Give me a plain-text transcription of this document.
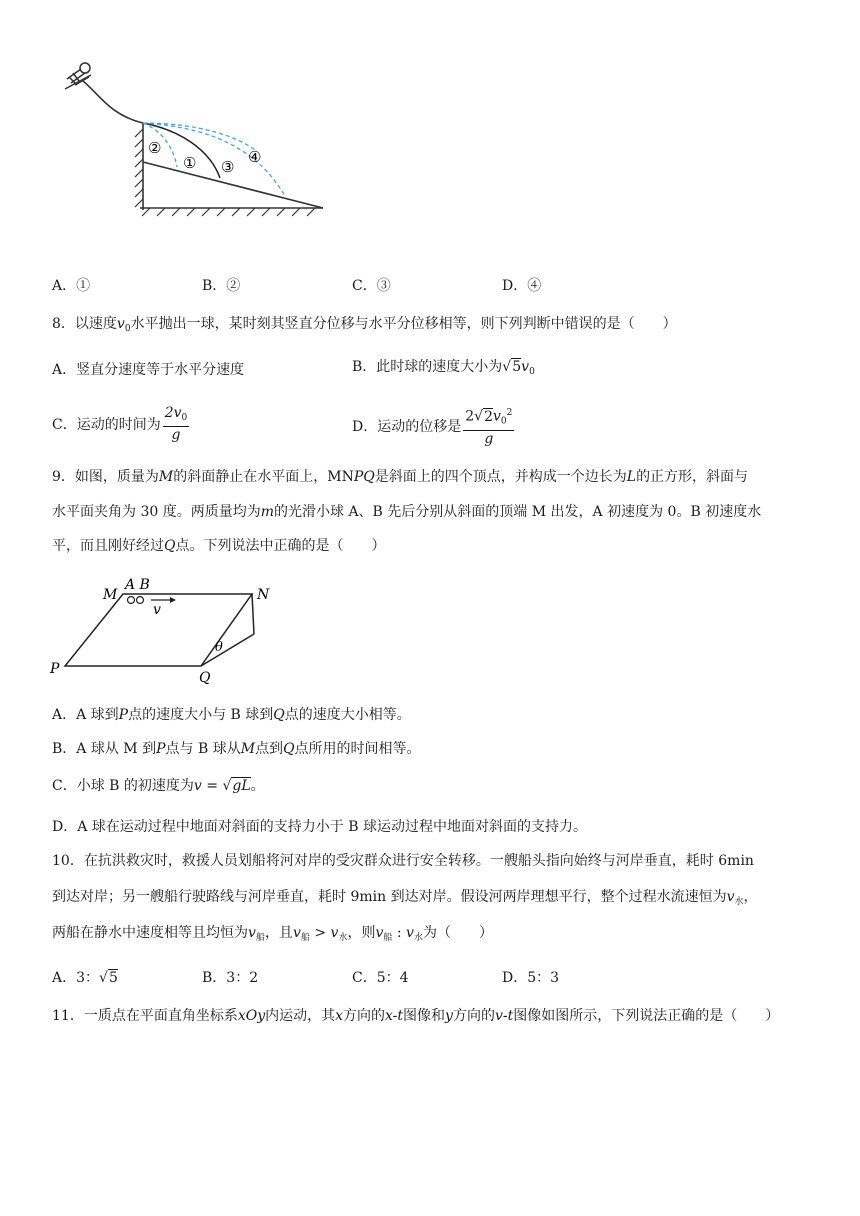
②
① ③
④
A．①	B．②	C．③	D．④
8．以速度$v_0$水平抛出一球，某时刻其竖直分位移与水平分位移相等，则下列判断中错误的是（　　）
A．竖直分速度等于水平分速度	B．此时球的速度大小为$√5v_0$
C．运动的时间为 $\frac{2v_0}{g}$	D．运动的位移是 $\frac{2√2v_0^2}{g}$
9．如图，质量为M的斜面静止在水平面上，MNPQ是斜面上的四个顶点，并构成一个边长为L的正方形，斜面与
水平面夹角为 30 度。两质量均为m的光滑小球 A、B 先后分别从斜面的顶端 M 出发，A 初速度为 0。B 初速度水
平，而且刚好经过Q点。下列说法中正确的是（　　）
A B
M	N
P
Q
v
θ
A．A 球到P点的速度大小与 B 球到Q点的速度大小相等。
B．A 球从 M 到P点与 B 球从M点到Q点所用的时间相等。
C．小球 B 的初速度为v = √gL。
D．A 球在运动过程中地面对斜面的支持力小于 B 球运动过程中地面对斜面的支持力。
10．在抗洪救灾时，救援人员划船将河对岸的受灾群众进行安全转移。一艘船头指向始终与河岸垂直，耗时 6min
到达对岸；另一艘船行驶路线与河岸垂直，耗时 9min 到达对岸。假设河两岸理想平行，整个过程水流速恒为$v_水$，
两船在静水中速度相等且均恒为$v_船$，且$v_船 > v_水$，则$v_船$ : $v_水$为（　　）
A．3：√5	B．3：2	C．5：4	D．5：3
11．一质点在平面直角坐标系xOy内运动，其x方向的x-t图像和y方向的v-t图像如图所示，下列说法正确的是（　　）
